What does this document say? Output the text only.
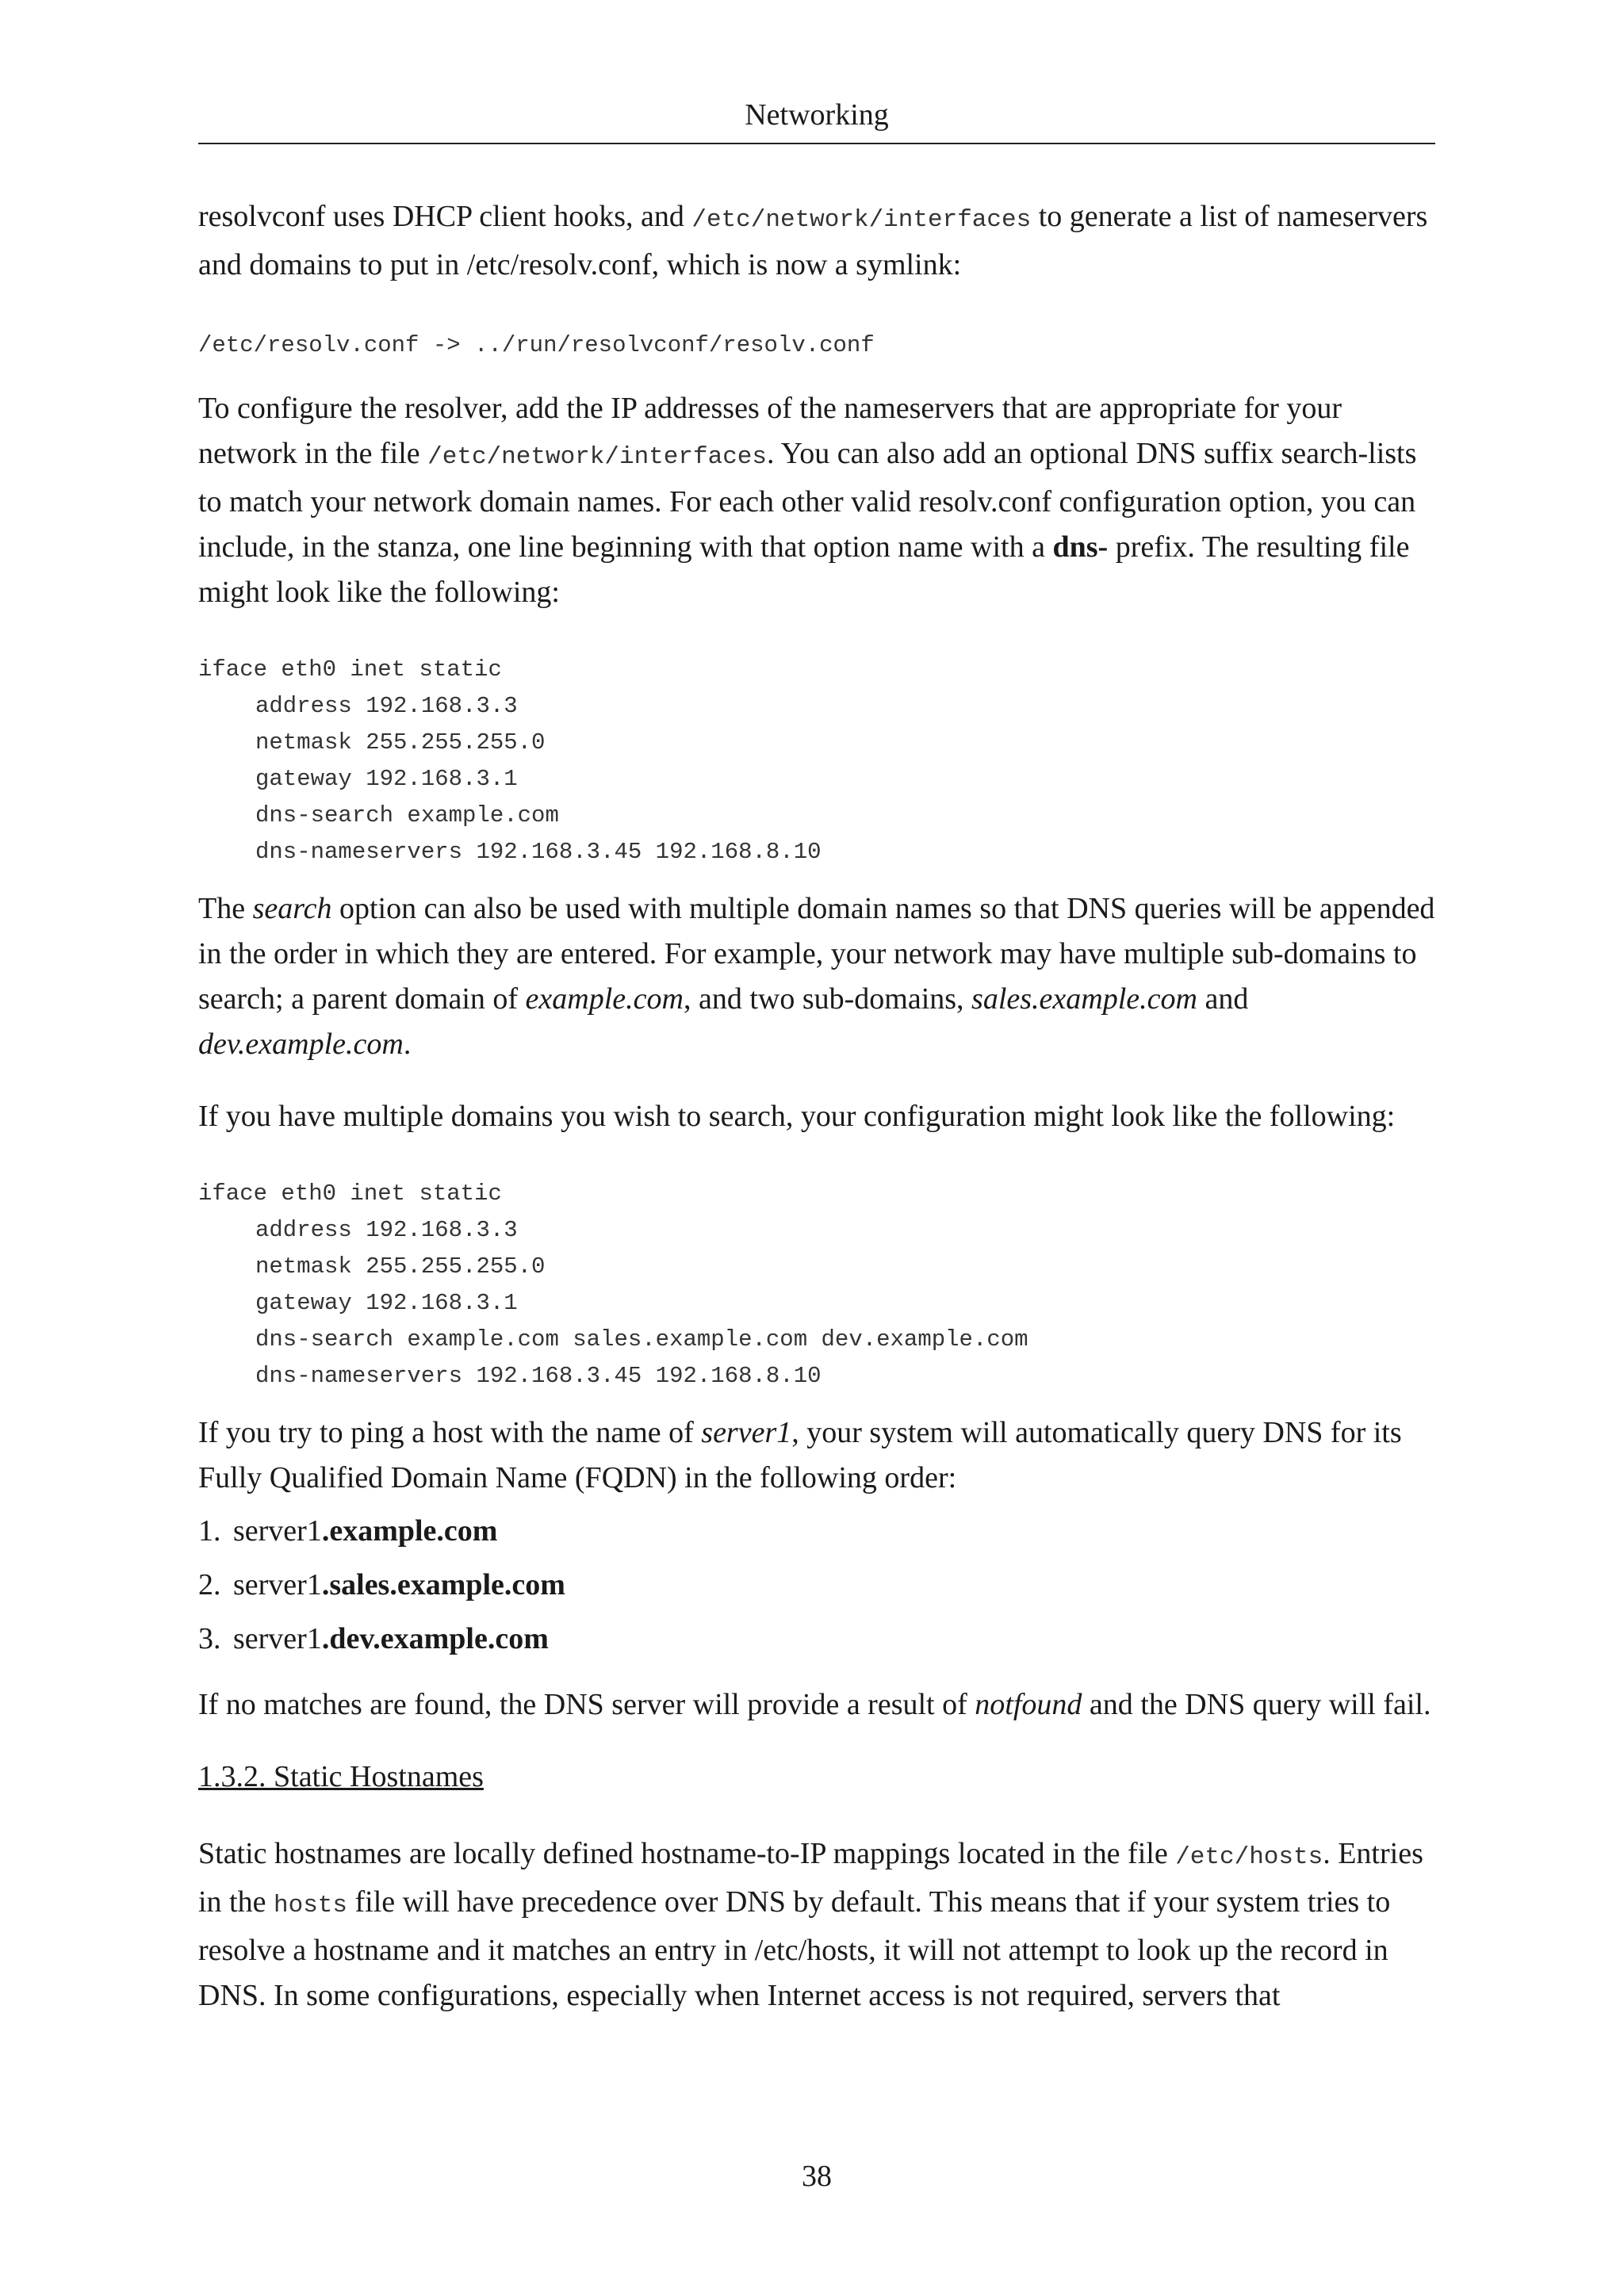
Networking

resolvconf uses DHCP client hooks, and /etc/network/interfaces to generate a list of nameservers and domains to put in /etc/resolv.conf, which is now a symlink:

/etc/resolv.conf -> ../run/resolvconf/resolv.conf

To configure the resolver, add the IP addresses of the nameservers that are appropriate for your network in the file /etc/network/interfaces. You can also add an optional DNS suffix search-lists to match your network domain names. For each other valid resolv.conf configuration option, you can include, in the stanza, one line beginning with that option name with a dns- prefix. The resulting file might look like the following:

iface eth0 inet static
address 192.168.3.3
netmask 255.255.255.0
gateway 192.168.3.1
dns-search example.com
dns-nameservers 192.168.3.45 192.168.8.10

The search option can also be used with multiple domain names so that DNS queries will be appended in the order in which they are entered. For example, your network may have multiple sub-domains to search; a parent domain of example.com, and two sub-domains, sales.example.com and dev.example.com.

If you have multiple domains you wish to search, your configuration might look like the following:

iface eth0 inet static
address 192.168.3.3
netmask 255.255.255.0
gateway 192.168.3.1
dns-search example.com sales.example.com dev.example.com
dns-nameservers 192.168.3.45 192.168.8.10

If you try to ping a host with the name of server1, your system will automatically query DNS for its Fully Qualified Domain Name (FQDN) in the following order:

1. server1.example.com
2. server1.sales.example.com
3. server1.dev.example.com

If no matches are found, the DNS server will provide a result of notfound and the DNS query will fail.

1.3.2. Static Hostnames

Static hostnames are locally defined hostname-to-IP mappings located in the file /etc/hosts. Entries in the hosts file will have precedence over DNS by default. This means that if your system tries to resolve a hostname and it matches an entry in /etc/hosts, it will not attempt to look up the record in DNS. In some configurations, especially when Internet access is not required, servers that

38
